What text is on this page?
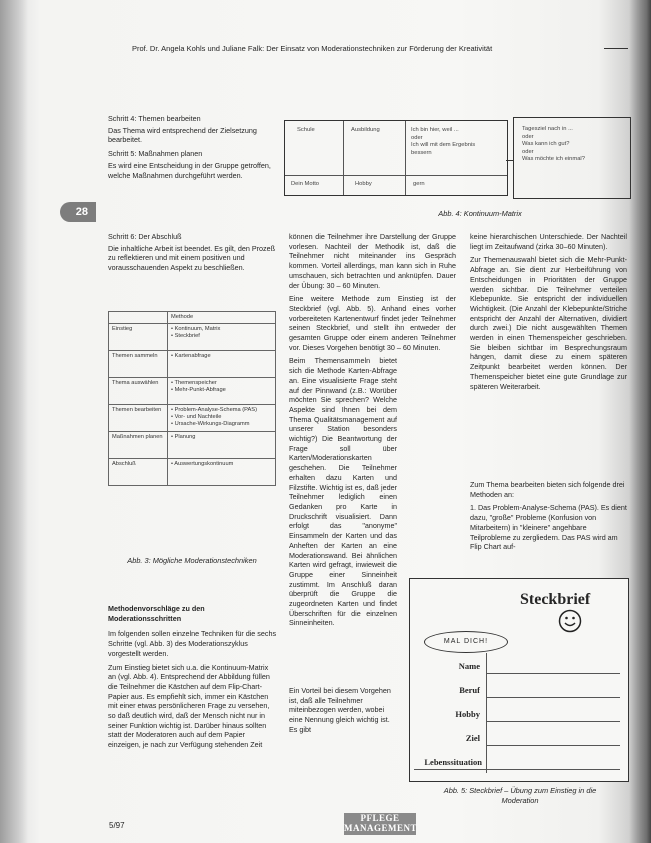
28
Prof. Dr. Angela Kohls und Juliane Falk: Der Einsatz von Moderationstechniken zur Förderung der Kreativität

Schritt 4: Themen bearbeiten

Das Thema wird entsprechend der Zielsetzung bearbeitet.

Schritt 5: Maßnahmen planen

Es wird eine Entscheidung in der Gruppe getroffen, welche Maßnahmen durchgeführt werden.

Schritt 6: Der Abschluß

Die inhaltliche Arbeit ist beendet. Es gilt, den Prozeß zu reflektieren und mit einem positiven und vorausschauenden Aspekt zu beschließen.

	Methode
Einstieg	• Kontinuum, Matrix
• Steckbrief
Themen sammeln	• Kartenabfrage
Thema auswählen	• Themenspeicher
• Mehr-Punkt-Abfrage
Themen bearbeiten	• Problem-Analyse-Schema (PAS)
• Vor- und Nachteile
• Ursache-Wirkungs-Diagramm
Maßnahmen planen	• Planung
Abschluß	• Auswertungskontinuum
Abb. 3: Mögliche Moderationstechniken

Methodenvorschläge zu den Moderationsschritten

Im folgenden sollen einzelne Techniken für die sechs Schritte (vgl. Abb. 3) des Moderationszyklus vorgestellt werden.

Zum Einstieg bietet sich u.a. die Kontinuum-Matrix an (vgl. Abb. 4). Entsprechend der Abbildung füllen die Teilnehmer die Kästchen auf dem Flip-Chart-Papier aus. Es empfiehlt sich, immer ein Kästchen mit einer etwas persönlicheren Frage zu versehen, so daß deutlich wird, daß der Mensch nicht nur in seiner Funktion wichtig ist. Darüber hinaus sollten statt der Moderatoren auch auf dem Papier einzeigen, je nach zur Verfügung stehenden Zeit

Schule	Ausbildung	Ich bin hier, weil ...
oder
Ich will mit dem Ergebnis
bessern
Dein Motto	Hobby	gern
Tagesziel nach in ...
oder
Was kann ich gut?
oder
Was möchte ich einmal?
Abb. 4: Kontinuum-Matrix

können die Teilnehmer ihre Darstellung der Gruppe vorlesen. Nachteil der Methodik ist, daß die Teilnehmer nicht miteinander ins Gespräch kommen. Vorteil allerdings, man kann sich in Ruhe umschauen, sich betrachten und anknüpfen. Dauer der Übung: 30 – 60 Minuten.

Eine weitere Methode zum Einstieg ist der Steckbrief (vgl. Abb. 5). Anhand eines vorher vorbereiteten Kartenentwurf findet jeder Teilnehmer seinen Steckbrief, und stellt ihn entweder der gesamten Gruppe oder einem anderen Teilnehmer vor. Dieses Vorgehen benötigt 30 – 60 Minuten.

Beim Themensammeln bietet sich die Methode Karten-Abfrage an. Eine visualisierte Frage steht auf der Pinnwand (z.B.: Worüber möchten Sie sprechen? Welche Aspekte sind Ihnen bei dem Thema Qualitätsmanagement auf unserer Station besonders wichtig?) Die Beantwortung der Frage soll über Karten/Moderationskarten geschehen. Die Teilnehmer erhalten dazu Karten und Filzstifte. Wichtig ist es, daß jeder Teilnehmer lediglich einen Gedanken pro Karte in Druckschrift visualisiert. Dann erfolgt das "anonyme" Einsammeln der Karten und das Anheften der Karten an eine Moderationswand. Bei ähnlichen Karten wird gefragt, inwieweit die Gruppe einer Sinneinheit zustimmt. Im Anschluß daran überprüft die Gruppe die zugeordneten Karten und findet Überschriften für die einzelnen Sinneinheiten.

Ein Vorteil bei diesem Vorgehen ist, daß alle Teilnehmer miteinbezogen werden, wobei eine Nennung gleich wichtig ist. Es gibt

keine hierarchischen Unterschiede. Der Nachteil liegt im Zeitaufwand (zirka 30–60 Minuten).

Zur Themenauswahl bietet sich die Mehr-Punkt-Abfrage an. Sie dient zur Herbeiführung von Entscheidungen in Prioritäten der Gruppe werden sichtbar. Die Teilnehmer verteilen Klebepunkte. Sie entspricht der individuellen Wichtigkeit. (Die Anzahl der Klebepunkte/Striche entspricht der Anzahl der Alternativen, dividiert durch zwei.) Die nicht ausgewählten Themen werden in einen Themenspeicher geschrieben. Sie bleiben sichtbar im Besprechungsraum hängen, damit diese zu einem späteren Zeitpunkt bearbeitet werden können. Der Themenspeicher bietet eine gute Grundlage zur späteren Weiterarbeit.

Zum Thema bearbeiten bieten sich folgende drei Methoden an:

1. Das Problem-Analyse-Schema (PAS). Es dient dazu, "große" Probleme (Konfusion von Mitarbeitern) in "kleinere" angehbare Teilprobleme zu zergliedern. Das PAS wird am Flip Chart auf-

Steckbrief
MAL DICH!
Name
Beruf
Hobby
Ziel
Lebenssituation
Abb. 5: Steckbrief – Übung zum Einstieg in die Moderation
5/97
PFLEGE
MANAGEMENT
